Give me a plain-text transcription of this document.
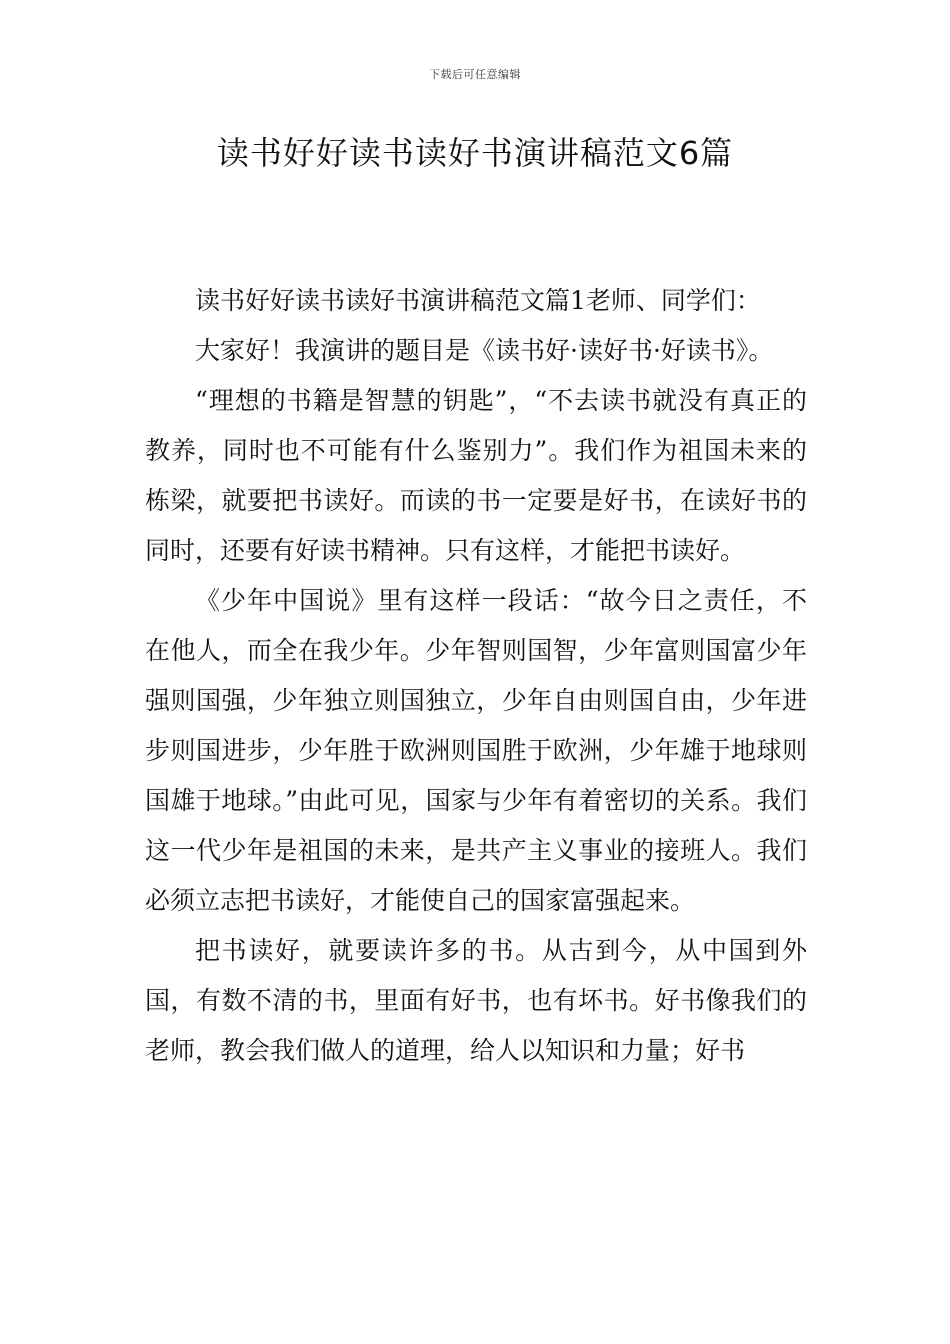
下载后可任意编辑
读书好好读书读好书演讲稿范文6篇

读书好好读书读好书演讲稿范文篇1老师、同学们：

大家好！我演讲的题目是《读书好·读好书·好读书》。

“理想的书籍是智慧的钥匙”，“不去读书就没有真正的教养，同时也不可能有什么鉴别力”。我们作为祖国未来的栋梁，就要把书读好。而读的书一定要是好书，在读好书的同时，还要有好读书精神。只有这样，才能把书读好。

《少年中国说》里有这样一段话：“故今日之责任，不在他人，而全在我少年。少年智则国智，少年富则国富少年强则国强，少年独立则国独立，少年自由则国自由，少年进步则国进步，少年胜于欧洲则国胜于欧洲，少年雄于地球则国雄于地球。”由此可见，国家与少年有着密切的关系。我们这一代少年是祖国的未来，是共产主义事业的接班人。我们必须立志把书读好，才能使自己的国家富强起来。

把书读好，就要读许多的书。从古到今，从中国到外国，有数不清的书，里面有好书，也有坏书。好书像我们的老师，教会我们做人的道理，给人以知识和力量；好书
